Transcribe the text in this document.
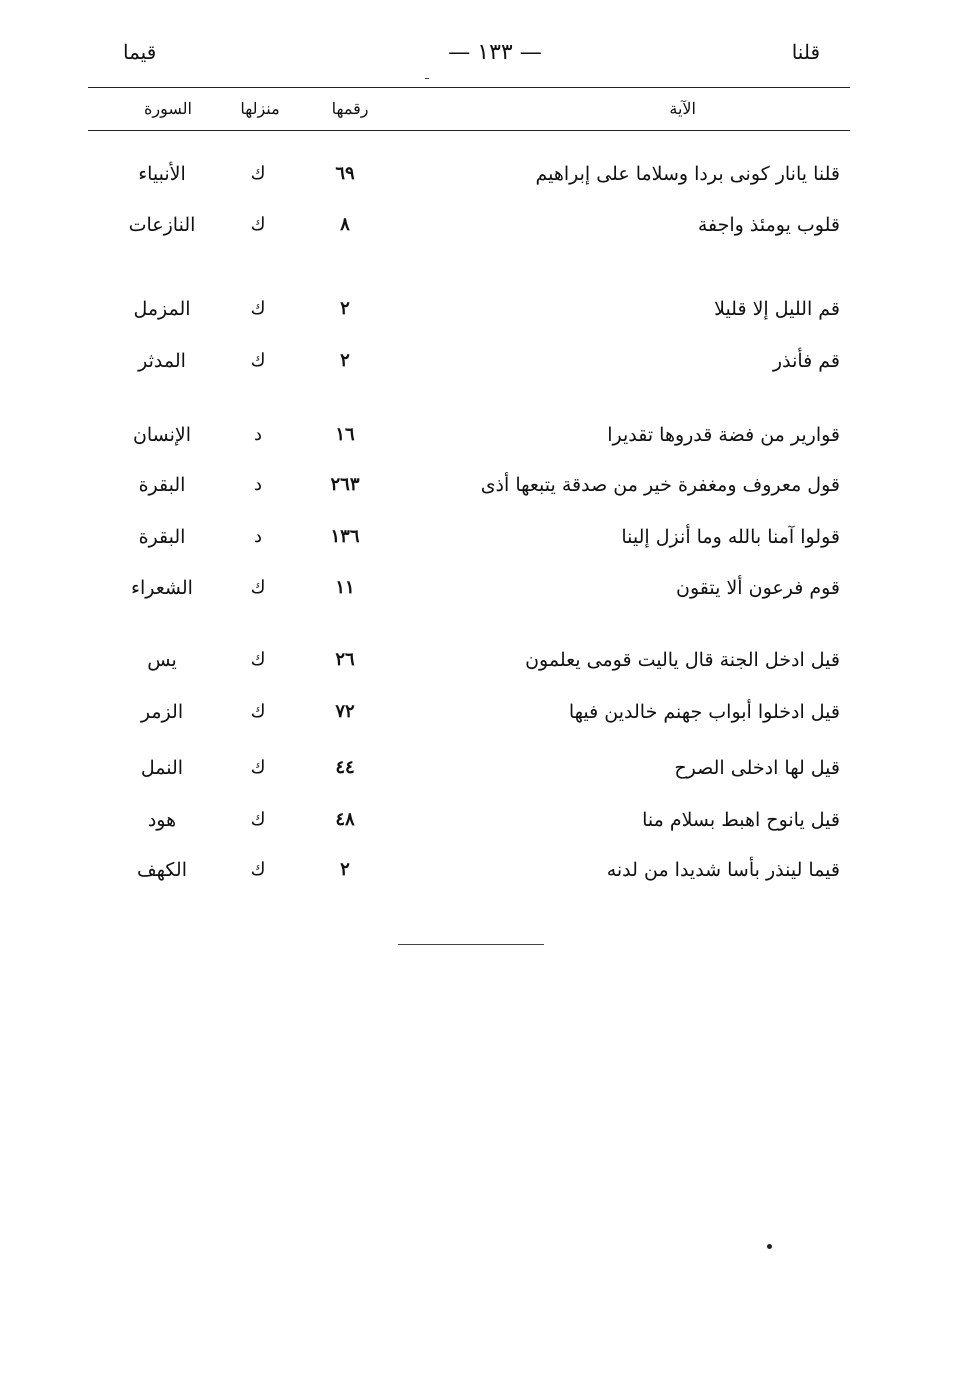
قلنا
— ١٣٣ —
قيما
الآية
رقمها
منزلها
السورة
قلنا يانار كونى بردا وسلاما على إبراهيم
٦٩
ك
الأنبياء
قلوب يومئذ واجفة
٨
ك
النازعات
قم الليل إلا قليلا
٢
ك
المزمل
قم فأنذر
٢
ك
المدثر
قوارير من فضة قدروها تقديرا
١٦
د
الإنسان
قول معروف ومغفرة خير من صدقة يتبعها أذى
٢٦٣
د
البقرة
قولوا آمنا بالله وما أنزل إلينا
١٣٦
د
البقرة
قوم فرعون ألا يتقون
١١
ك
الشعراء
قيل ادخل الجنة قال ياليت قومى يعلمون
٢٦
ك
يس
قيل ادخلوا أبواب جهنم خالدين فيها
٧٢
ك
الزمر
قيل لها ادخلى الصرح
٤٤
ك
النمل
قيل يانوح اهبط بسلام منا
٤٨
ك
هود
قيما لينذر بأسا شديدا من لدنه
٢
ك
الكهف
